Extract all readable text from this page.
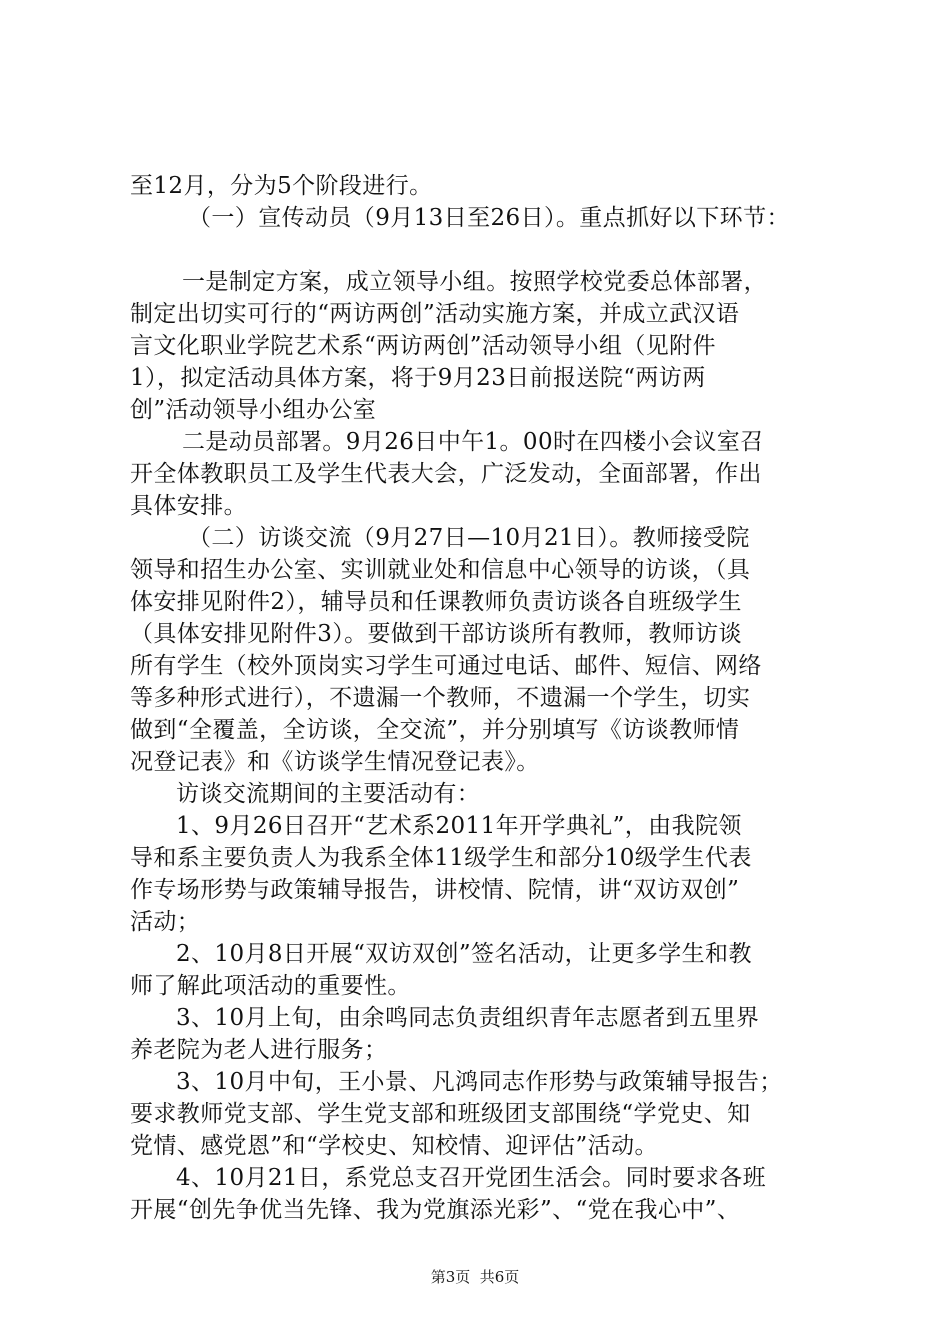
至12月，分为5个阶段进行。
（一）宣传动员（9月13日至26日）。重点抓好以下环节：
一是制定方案，成立领导小组。按照学校党委总体部署，
制定出切实可行的“两访两创”活动实施方案，并成立武汉语
言文化职业学院艺术系“两访两创”活动领导小组（见附件
1），拟定活动具体方案，将于9月23日前报送院“两访两
创”活动领导小组办公室
二是动员部署。9月26日中午1。00时在四楼小会议室召
开全体教职员工及学生代表大会，广泛发动，全面部署，作出
具体安排。
（二）访谈交流（9月27日—10月21日）。教师接受院
领导和招生办公室、实训就业处和信息中心领导的访谈，（具
体安排见附件2），辅导员和任课教师负责访谈各自班级学生
（具体安排见附件3）。要做到干部访谈所有教师，教师访谈
所有学生（校外顶岗实习学生可通过电话、邮件、短信、网络
等多种形式进行），不遗漏一个教师，不遗漏一个学生，切实
做到“全覆盖，全访谈，全交流”，并分别填写《访谈教师情
况登记表》和《访谈学生情况登记表》。
访谈交流期间的主要活动有：
1、9月26日召开“艺术系2011年开学典礼”，由我院领
导和系主要负责人为我系全体11级学生和部分10级学生代表
作专场形势与政策辅导报告，讲校情、院情，讲“双访双创”
活动；
2、10月8日开展“双访双创”签名活动，让更多学生和教
师了解此项活动的重要性。
3、10月上旬，由余鸣同志负责组织青年志愿者到五里界
养老院为老人进行服务；
3、10月中旬，王小景、凡鸿同志作形势与政策辅导报告；
要求教师党支部、学生党支部和班级团支部围绕“学党史、知
党情、感党恩”和“学校史、知校情、迎评估”活动。
4、10月21日，系党总支召开党团生活会。同时要求各班
开展“创先争优当先锋、我为党旗添光彩”、“党在我心中”、
第3页  共6页
